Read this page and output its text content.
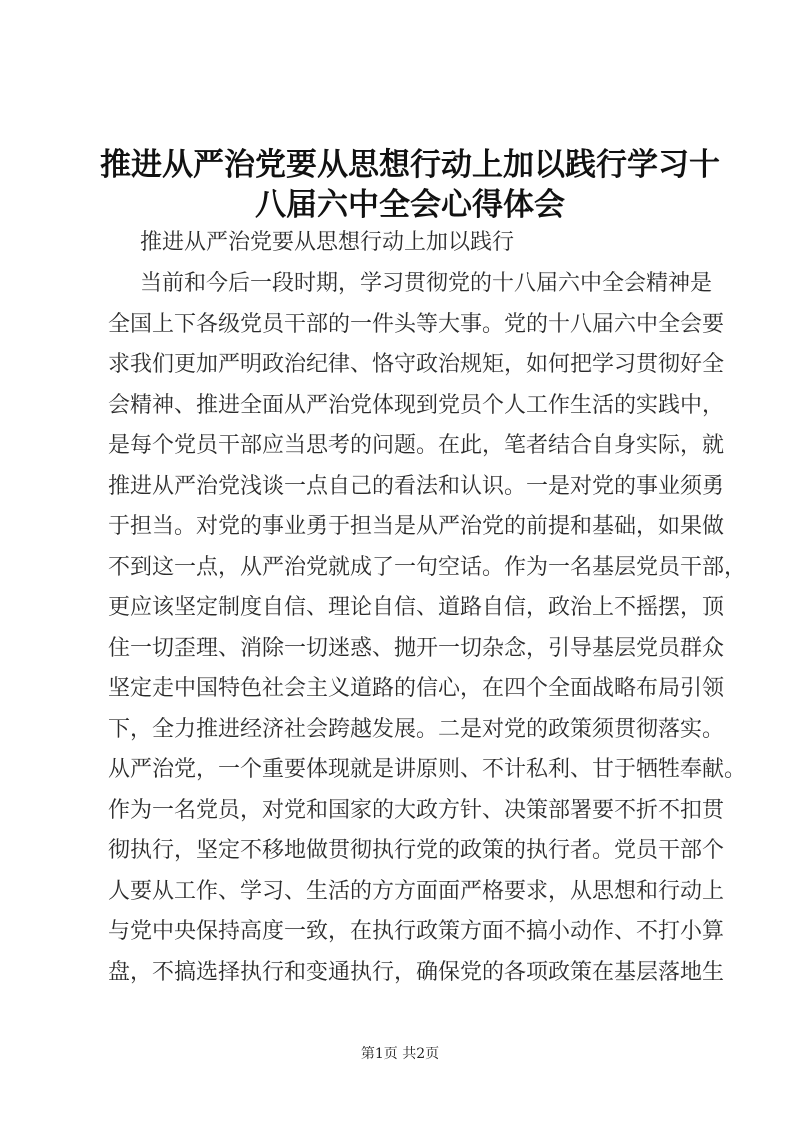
推进从严治党要从思想行动上加以践行学习十
八届六中全会心得体会
推进从严治党要从思想行动上加以践行
当前和今后一段时期，学习贯彻党的十八届六中全会精神是
全国上下各级党员干部的一件头等大事。党的十八届六中全会要
求我们更加严明政治纪律、恪守政治规矩，如何把学习贯彻好全
会精神、推进全面从严治党体现到党员个人工作生活的实践中，
是每个党员干部应当思考的问题。在此，笔者结合自身实际，就
推进从严治党浅谈一点自己的看法和认识。一是对党的事业须勇
于担当。对党的事业勇于担当是从严治党的前提和基础，如果做
不到这一点，从严治党就成了一句空话。作为一名基层党员干部，
更应该坚定制度自信、理论自信、道路自信，政治上不摇摆，顶
住一切歪理、消除一切迷惑、抛开一切杂念，引导基层党员群众
坚定走中国特色社会主义道路的信心，在四个全面战略布局引领
下，全力推进经济社会跨越发展。二是对党的政策须贯彻落实。
从严治党，一个重要体现就是讲原则、不计私利、甘于牺牲奉献。
作为一名党员，对党和国家的大政方针、决策部署要不折不扣贯
彻执行，坚定不移地做贯彻执行党的政策的执行者。党员干部个
人要从工作、学习、生活的方方面面严格要求，从思想和行动上
与党中央保持高度一致，在执行政策方面不搞小动作、不打小算
盘，不搞选择执行和变通执行，确保党的各项政策在基层落地生
第1页 共2页
